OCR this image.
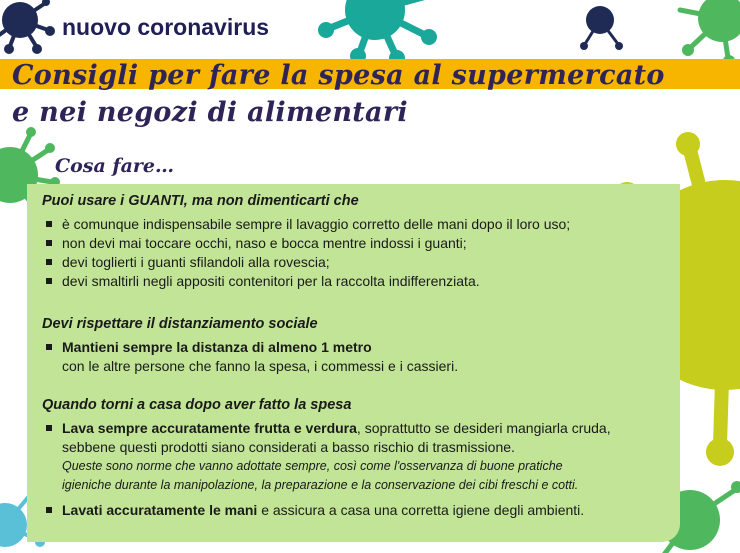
nuovo coronavirus
Consigli per fare la spesa al supermercato
e nei negozi di alimentari
Cosa fare…

Puoi usare i GUANTI, ma non dimenticarti che

è comunque indispensabile sempre il lavaggio corretto delle mani dopo il loro uso;
non devi mai toccare occhi, naso e bocca mentre indossi i guanti;
devi toglierti i guanti sfilandoli alla rovescia;
devi smaltirli negli appositi contenitori per la raccolta indifferenziata.

Devi rispettare il distanziamento sociale

Mantieni sempre la distanza di almeno 1 metro
con le altre persone che fanno la spesa, i commessi e i cassieri.

Quando torni a casa dopo aver fatto la spesa

Lava sempre accuratamente frutta e verdura, soprattutto se desideri mangiarla cruda,
sebbene questi prodotti siano considerati a basso rischio di trasmissione.
Queste sono norme che vanno adottate sempre, così come l'osservanza di buone pratiche
igieniche durante la manipolazione, la preparazione e la conservazione dei cibi freschi e cotti.
Lavati accuratamente le mani e assicura a casa una corretta igiene degli ambienti.
